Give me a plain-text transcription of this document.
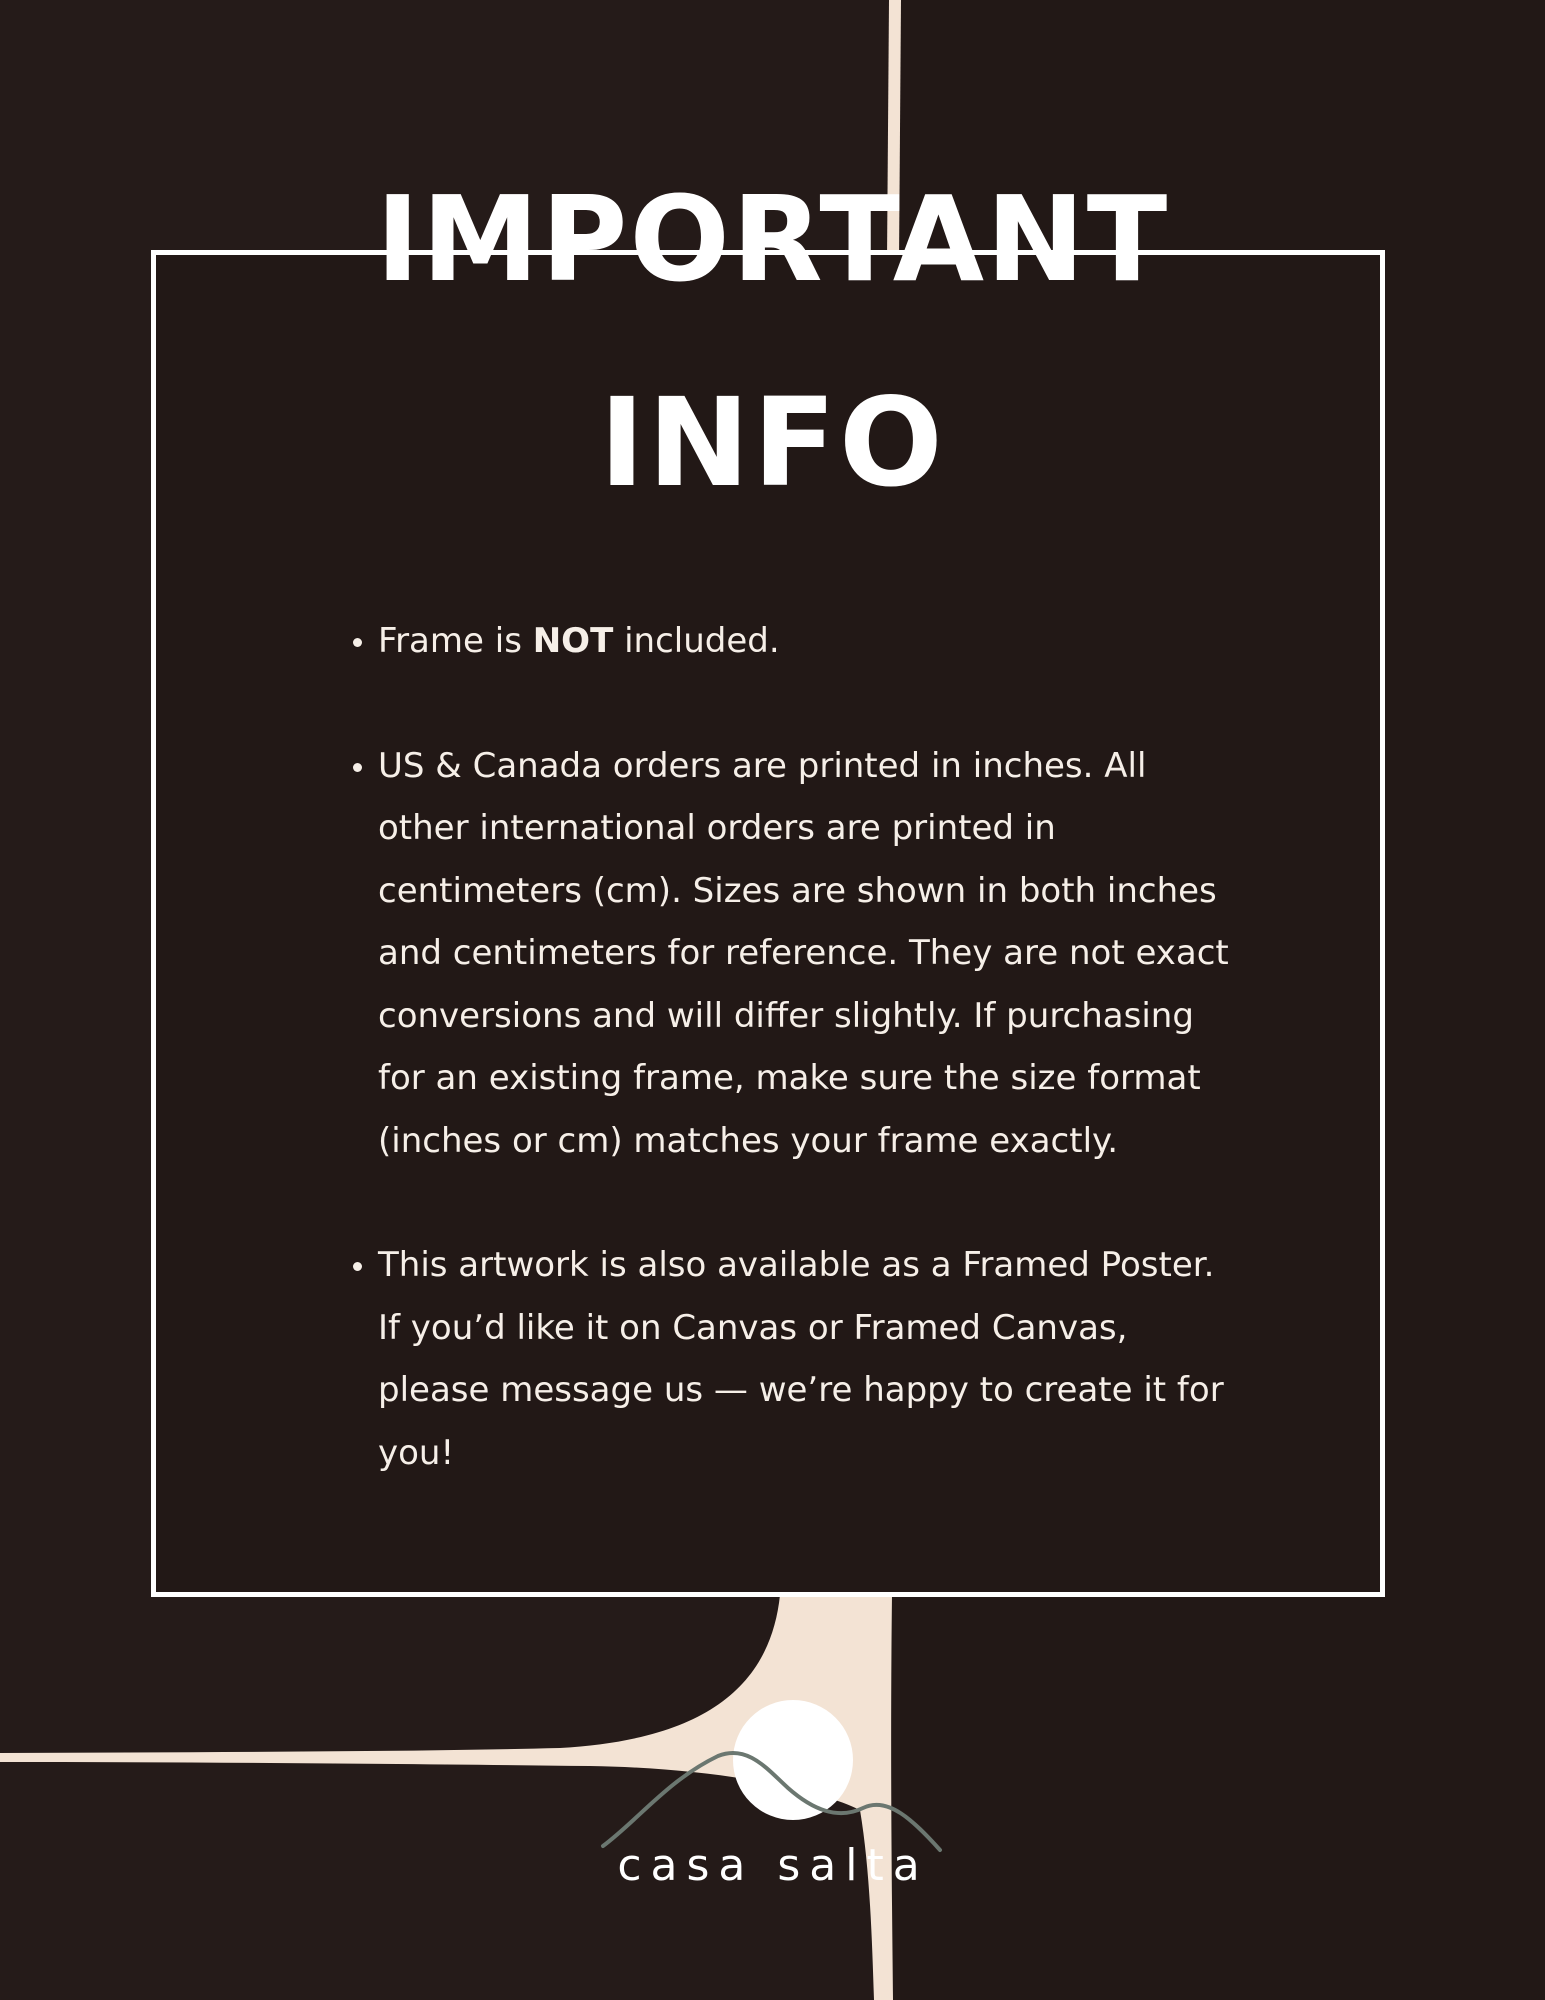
IMPORTANT
INFO
• Frame is NOT included.
• US & Canada orders are printed in inches. All other international orders are printed in centimeters (cm). Sizes are shown in both inches and centimeters for reference. They are not exact conversions and will differ slightly. If purchasing for an existing frame, make sure the size format (inches or cm) matches your frame exactly.
• This artwork is also available as a Framed Poster. If you’d like it on Canvas or Framed Canvas, please message us — we’re happy to create it for you!
casa salta
